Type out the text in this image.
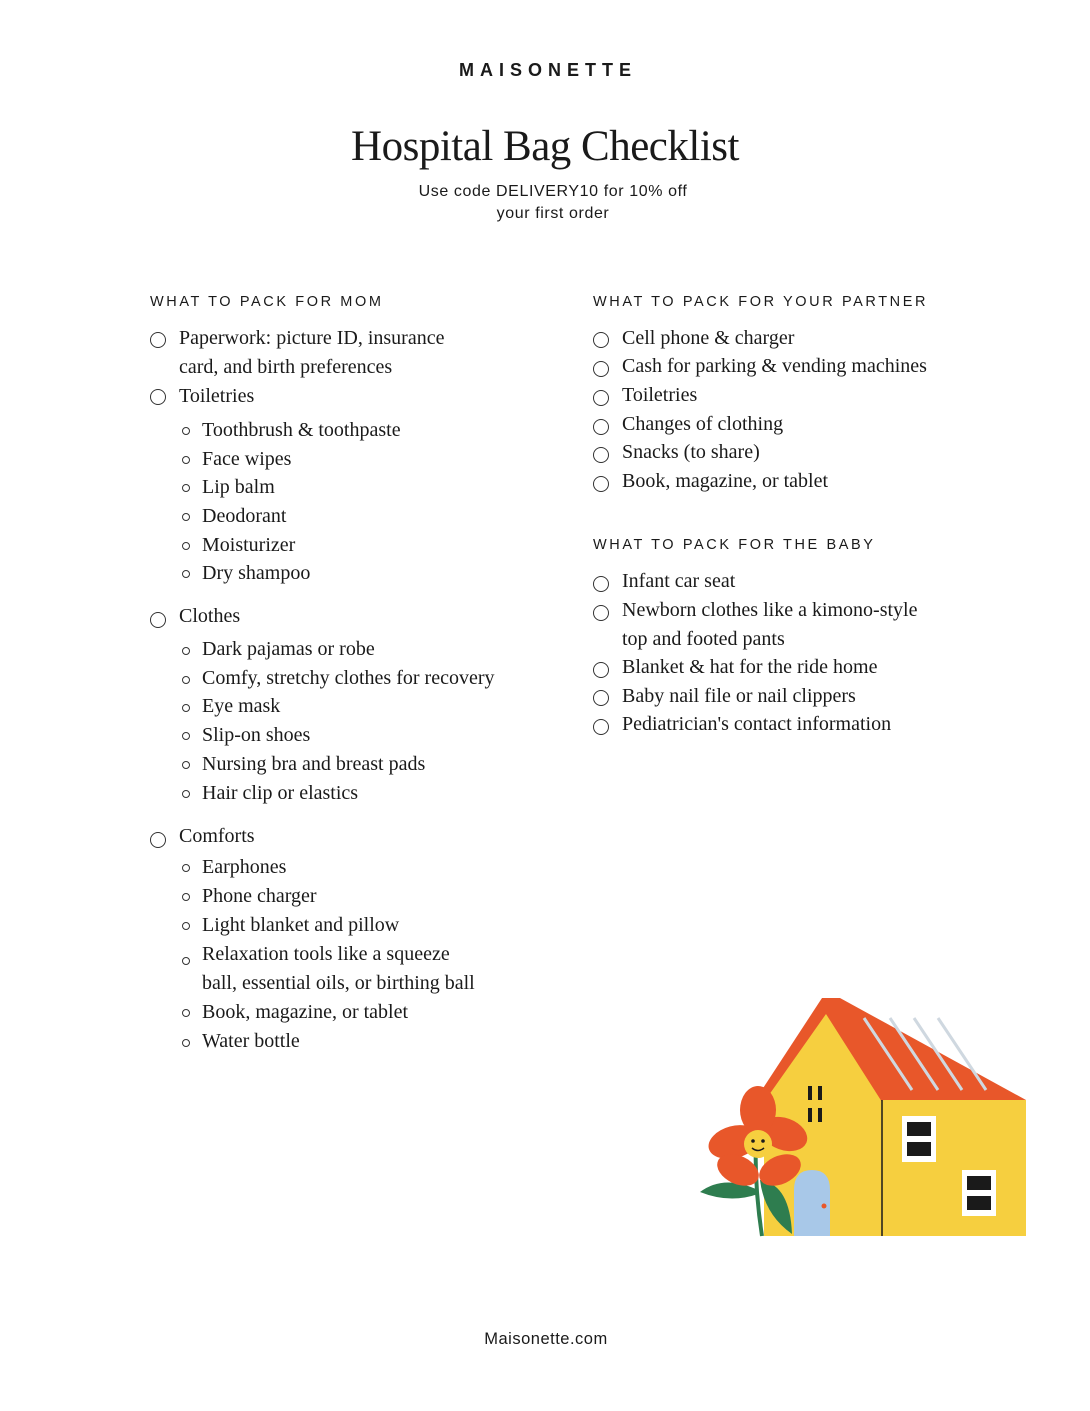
MAISONETTE
Hospital Bag Checklist
Use code DELIVERY10 for 10% off
your first order
WHAT TO PACK FOR MOM
Paperwork: picture ID, insurance
card, and birth preferences
Toiletries
Toothbrush & toothpaste
Face wipes
Lip balm
Deodorant
Moisturizer
Dry shampoo
Clothes
Dark pajamas or robe
Comfy, stretchy clothes for recovery
Eye mask
Slip-on shoes
Nursing bra and breast pads
Hair clip or elastics
Comforts
Earphones
Phone charger
Light blanket and pillow
Relaxation tools like a squeeze
ball, essential oils, or birthing ball
Book, magazine, or tablet
Water bottle
WHAT TO PACK FOR YOUR PARTNER
Cell phone & charger
Cash for parking & vending machines
Toiletries
Changes of clothing
Snacks (to share)
Book, magazine, or tablet
WHAT TO PACK FOR THE BABY
Infant car seat
Newborn clothes like a kimono-style
top and footed pants
Blanket & hat for the ride home
Baby nail file or nail clippers
Pediatrician's contact information
Maisonette.com
